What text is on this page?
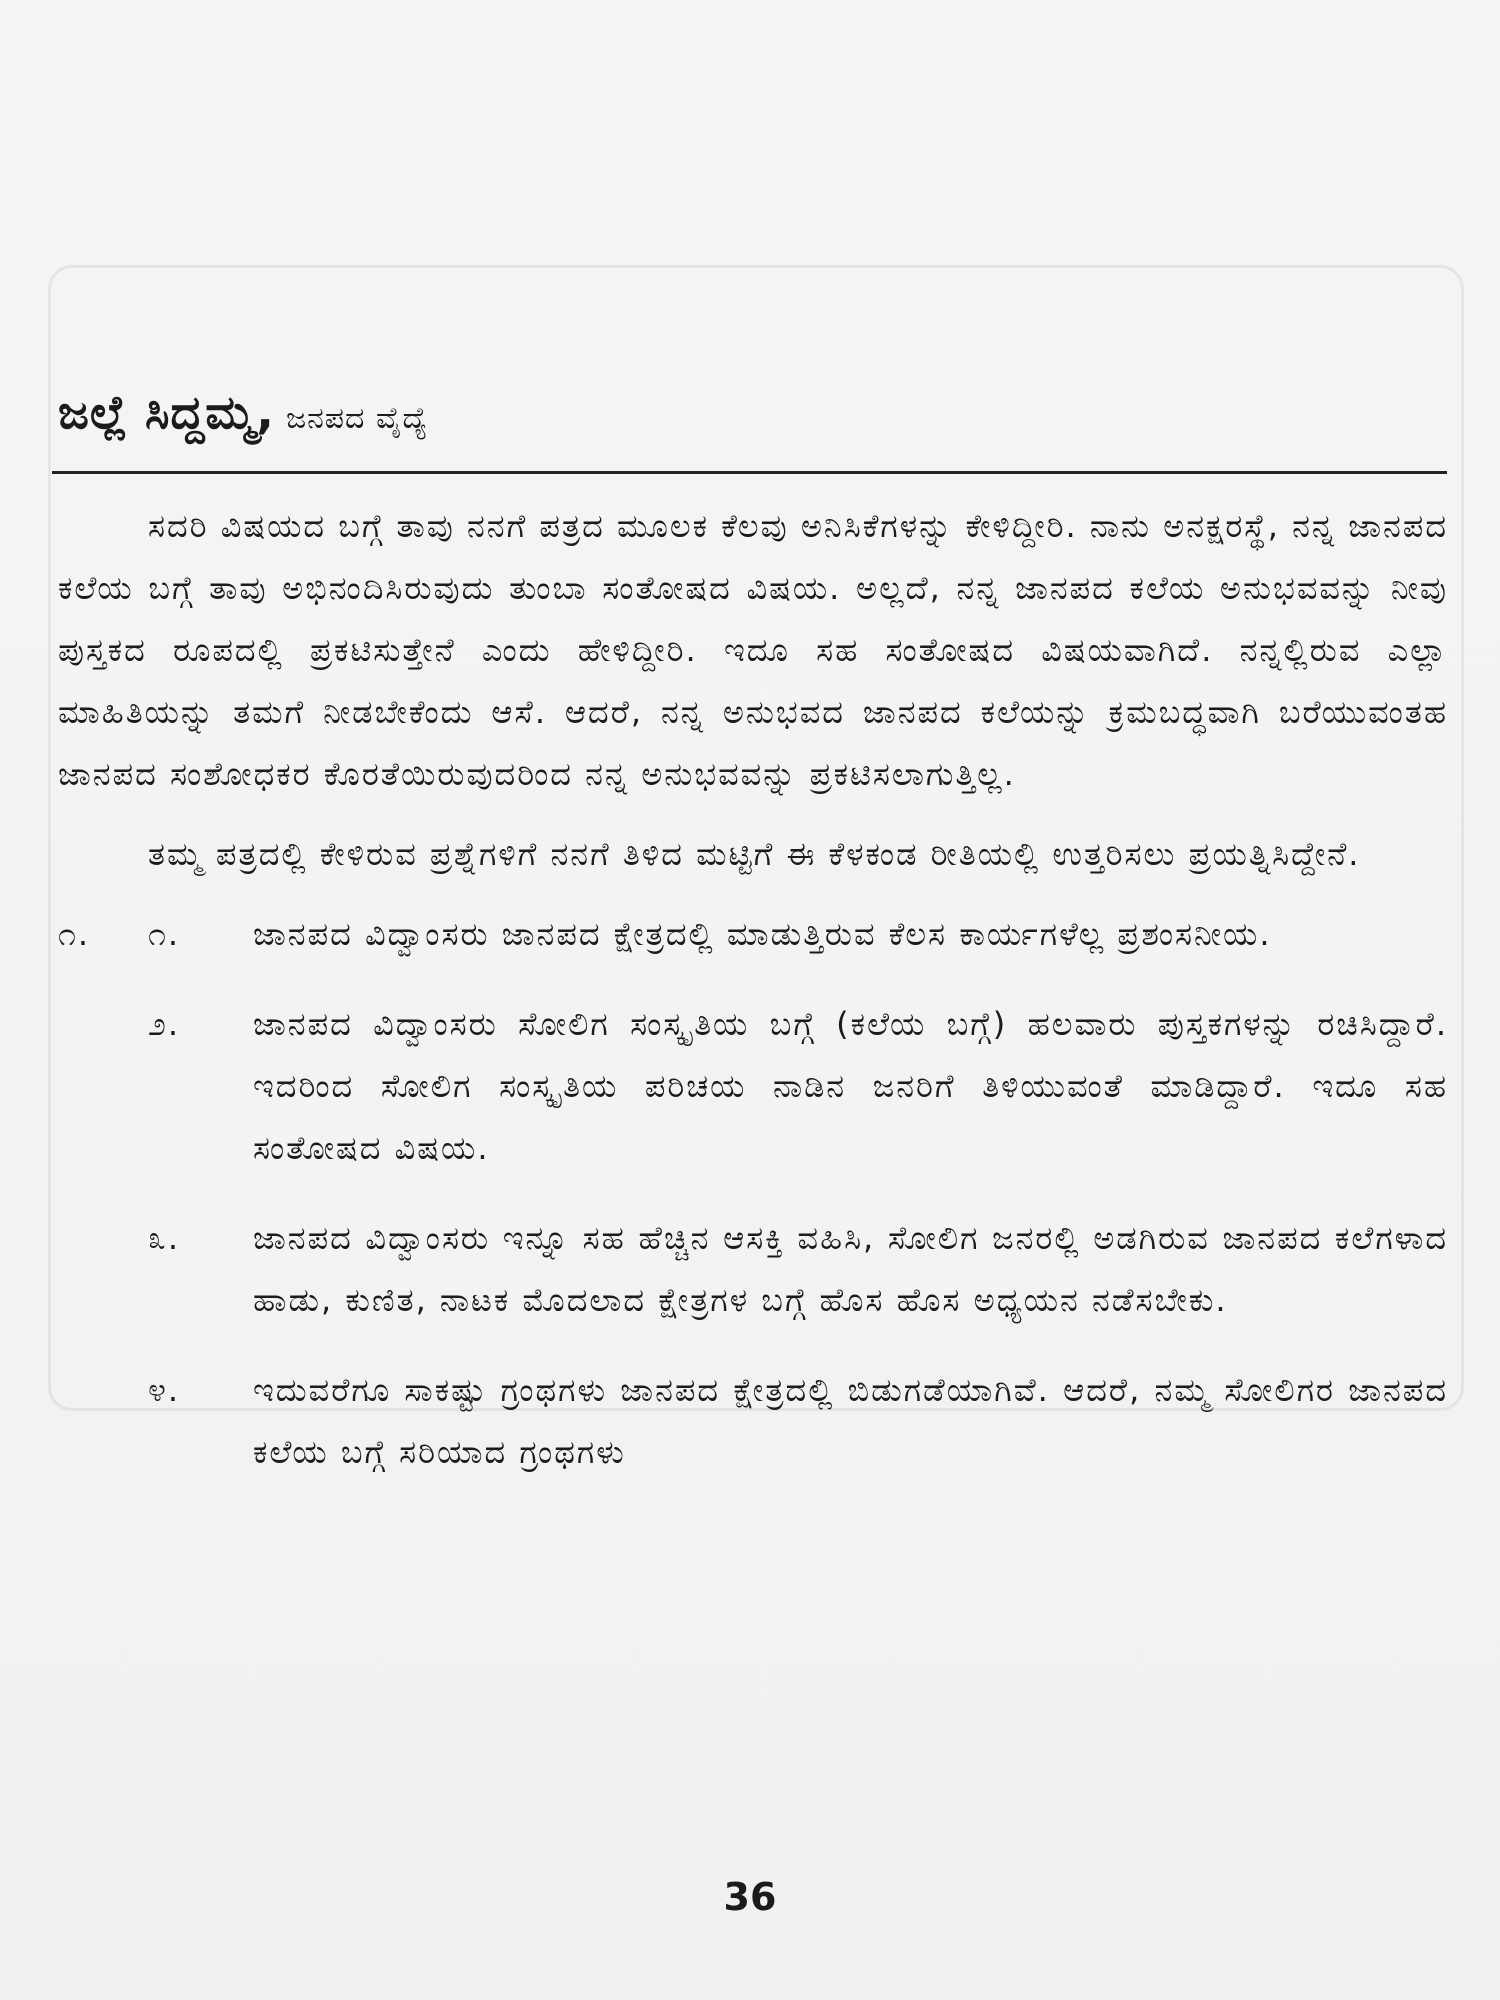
ಜಲ್ಲೆ ಸಿದ್ದಮ್ಮ, ಜನಪದ ವೈದ್ಯೆ

ಸದರಿ ವಿಷಯದ ಬಗ್ಗೆ ತಾವು ನನಗೆ ಪತ್ರದ ಮೂಲಕ ಕೆಲವು ಅನಿಸಿಕೆಗಳನ್ನು ಕೇಳಿದ್ದೀರಿ. ನಾನು ಅನಕ್ಷರಸ್ಥೆ, ನನ್ನ ಜಾನಪದ ಕಲೆಯ ಬಗ್ಗೆ ತಾವು ಅಭಿನಂದಿಸಿರುವುದು ತುಂಬಾ ಸಂತೋಷದ ವಿಷಯ. ಅಲ್ಲದೆ, ನನ್ನ ಜಾನಪದ ಕಲೆಯ ಅನುಭವವನ್ನು ನೀವು ಪುಸ್ತಕದ ರೂಪದಲ್ಲಿ ಪ್ರಕಟಿಸುತ್ತೇನೆ ಎಂದು ಹೇಳಿದ್ದೀರಿ. ಇದೂ ಸಹ ಸಂತೋಷದ ವಿಷಯವಾಗಿದೆ. ನನ್ನಲ್ಲಿರುವ ಎಲ್ಲಾ ಮಾಹಿತಿಯನ್ನು ತಮಗೆ ನೀಡಬೇಕೆಂದು ಆಸೆ. ಆದರೆ, ನನ್ನ ಅನುಭವದ ಜಾನಪದ ಕಲೆಯನ್ನು ಕ್ರಮಬದ್ಧವಾಗಿ ಬರೆಯುವಂತಹ ಜಾನಪದ ಸಂಶೋಧಕರ ಕೊರತೆಯಿರುವುದರಿಂದ ನನ್ನ ಅನುಭವವನ್ನು ಪ್ರಕಟಿಸಲಾಗುತ್ತಿಲ್ಲ.

ತಮ್ಮ ಪತ್ರದಲ್ಲಿ ಕೇಳಿರುವ ಪ್ರಶ್ನೆಗಳಿಗೆ ನನಗೆ ತಿಳಿದ ಮಟ್ಟಿಗೆ ಈ ಕೆಳಕಂಡ ರೀತಿಯಲ್ಲಿ ಉತ್ತರಿಸಲು ಪ್ರಯತ್ನಿಸಿದ್ದೇನೆ.

೧.	೧.	ಜಾನಪದ ವಿದ್ವಾಂಸರು ಜಾನಪದ ಕ್ಷೇತ್ರದಲ್ಲಿ ಮಾಡುತ್ತಿರುವ ಕೆಲಸ ಕಾರ್ಯಗಳೆಲ್ಲ ಪ್ರಶಂಸನೀಯ.
೨.	ಜಾನಪದ ವಿದ್ವಾಂಸರು ಸೋಲಿಗ ಸಂಸ್ಕೃತಿಯ ಬಗ್ಗೆ (ಕಲೆಯ ಬಗ್ಗೆ) ಹಲವಾರು ಪುಸ್ತಕಗಳನ್ನು ರಚಿಸಿದ್ದಾರೆ. ಇದರಿಂದ ಸೋಲಿಗ ಸಂಸ್ಕೃತಿಯ ಪರಿಚಯ ನಾಡಿನ ಜನರಿಗೆ ತಿಳಿಯುವಂತೆ ಮಾಡಿದ್ದಾರೆ. ಇದೂ ಸಹ ಸಂತೋಷದ ವಿಷಯ.
೩.	ಜಾನಪದ ವಿದ್ವಾಂಸರು ಇನ್ನೂ ಸಹ ಹೆಚ್ಚಿನ ಆಸಕ್ತಿ ವಹಿಸಿ, ಸೋಲಿಗ ಜನರಲ್ಲಿ ಅಡಗಿರುವ ಜಾನಪದ ಕಲೆಗಳಾದ ಹಾಡು, ಕುಣಿತ, ನಾಟಕ ಮೊದಲಾದ ಕ್ಷೇತ್ರಗಳ ಬಗ್ಗೆ ಹೊಸ ಹೊಸ ಅಧ್ಯಯನ ನಡೆಸಬೇಕು.
೪.	ಇದುವರೆಗೂ ಸಾಕಷ್ಟು ಗ್ರಂಥಗಳು ಜಾನಪದ ಕ್ಷೇತ್ರದಲ್ಲಿ ಬಿಡುಗಡೆಯಾಗಿವೆ. ಆದರೆ, ನಮ್ಮ ಸೋಲಿಗರ ಜಾನಪದ ಕಲೆಯ ಬಗ್ಗೆ ಸರಿಯಾದ ಗ್ರಂಥಗಳು
36
